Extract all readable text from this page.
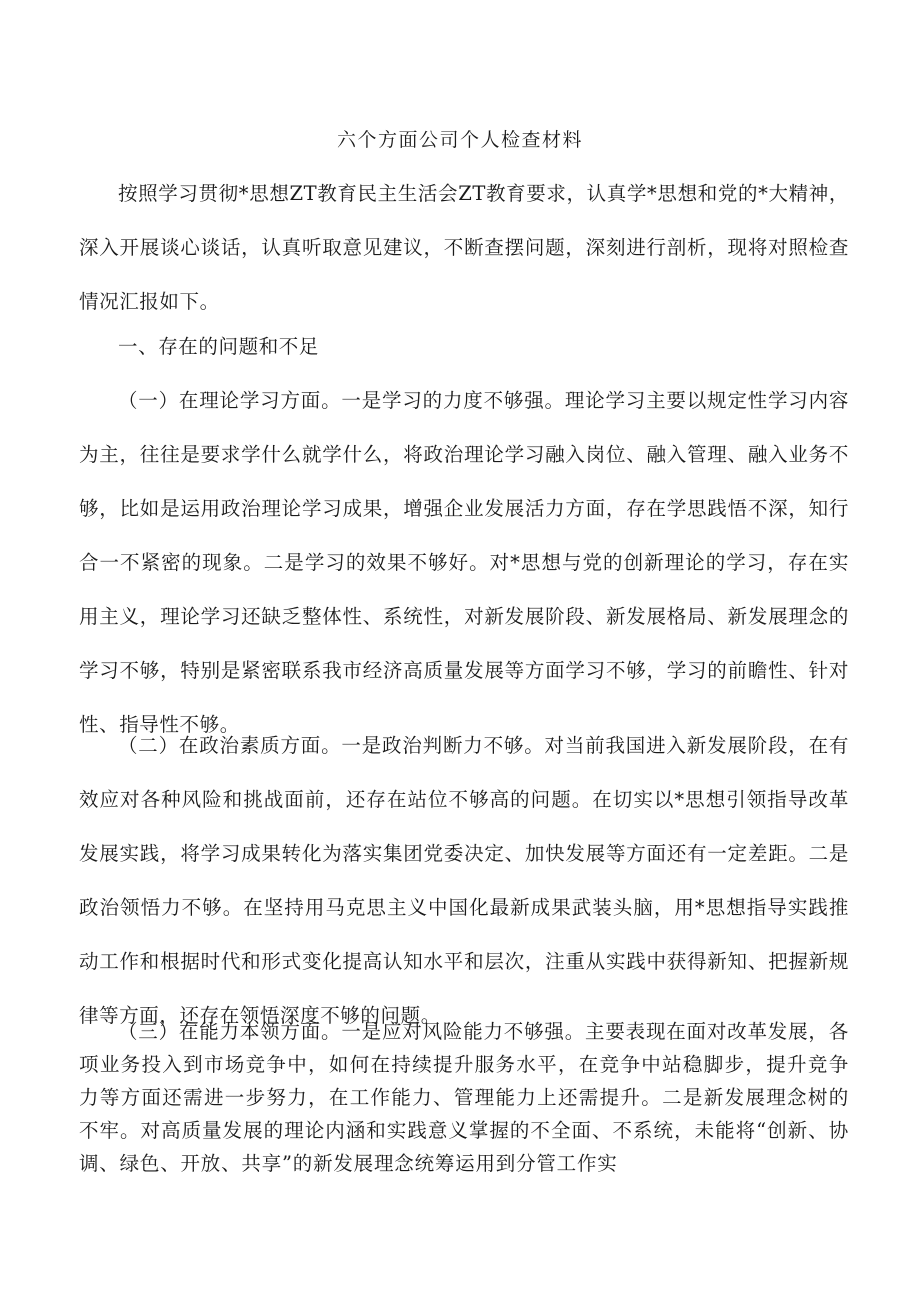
六个方面公司个人检查材料

按照学习贯彻*思想ZT教育民主生活会ZT教育要求，认真学*思想和党的*大精神，深入开展谈心谈话，认真听取意见建议，不断查摆问题，深刻进行剖析，现将对照检查情况汇报如下。

一、存在的问题和不足

（一）在理论学习方面。一是学习的力度不够强。理论学习主要以规定性学习内容为主，往往是要求学什么就学什么，将政治理论学习融入岗位、融入管理、融入业务不够，比如是运用政治理论学习成果，增强企业发展活力方面，存在学思践悟不深，知行合一不紧密的现象。二是学习的效果不够好。对*思想与党的创新理论的学习，存在实用主义，理论学习还缺乏整体性、系统性，对新发展阶段、新发展格局、新发展理念的学习不够，特别是紧密联系我市经济高质量发展等方面学习不够，学习的前瞻性、针对性、指导性不够。

（二）在政治素质方面。一是政治判断力不够。对当前我国进入新发展阶段，在有效应对各种风险和挑战面前，还存在站位不够高的问题。在切实以*思想引领指导改革发展实践，将学习成果转化为落实集团党委决定、加快发展等方面还有一定差距。二是政治领悟力不够。在坚持用马克思主义中国化最新成果武装头脑，用*思想指导实践推动工作和根据时代和形式变化提高认知水平和层次，注重从实践中获得新知、把握新规律等方面，还存在领悟深度不够的问题。

（三）在能力本领方面。一是应对风险能力不够强。主要表现在面对改革发展，各项业务投入到市场竞争中，如何在持续提升服务水平，在竞争中站稳脚步，提升竞争力等方面还需进一步努力，在工作能力、管理能力上还需提升。二是新发展理念树的不牢。对高质量发展的理论内涵和实践意义掌握的不全面、不系统，未能将“创新、协调、绿色、开放、共享”的新发展理念统筹运用到分管工作实
